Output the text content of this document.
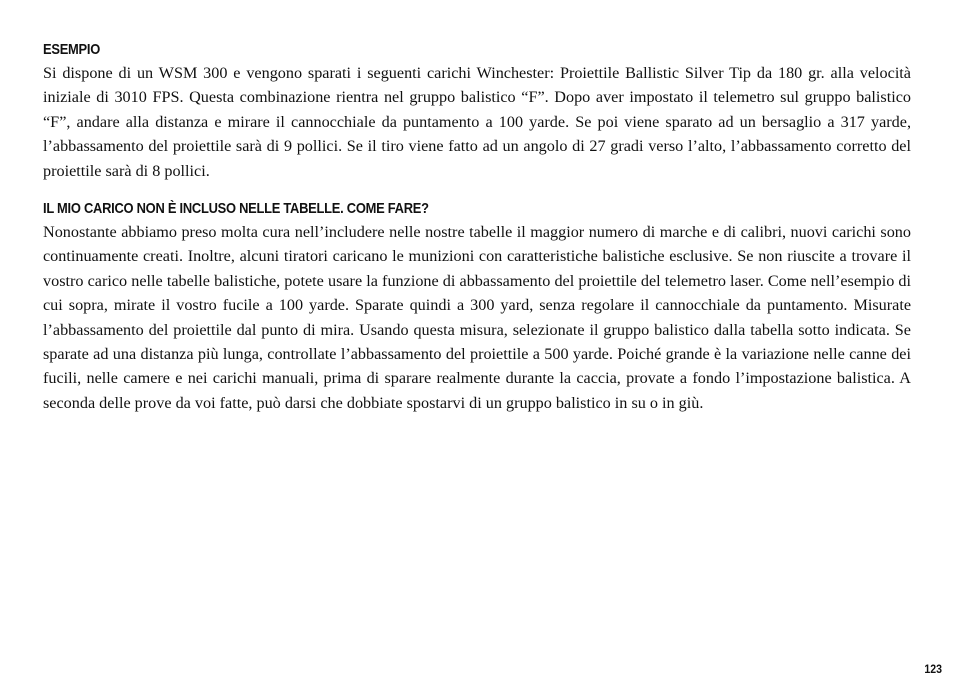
ESEMPIO

Si dispone di un WSM 300 e vengono sparati i seguenti carichi Winchester: Proiettile Ballistic Silver Tip da 180 gr. alla velocità iniziale di 3010 FPS. Questa combinazione rientra nel gruppo balistico “F”. Dopo aver impostato il telemetro sul gruppo balistico “F”, andare alla distanza e mirare il cannocchiale da puntamento a 100 yarde. Se poi viene sparato ad un bersaglio a 317 yarde, l’abbassamento del proiettile sarà di 9 pollici. Se il tiro viene fatto ad un angolo di 27 gradi verso l’alto, l’abbassamento corretto del proiettile sarà di 8 pollici.

IL MIO CARICO NON È INCLUSO NELLE TABELLE. COME FARE?

Nonostante abbiamo preso molta cura nell’includere nelle nostre tabelle il maggior numero di marche e di calibri, nuovi carichi sono continuamente creati. Inoltre, alcuni tiratori caricano le munizioni con caratteristiche balistiche esclusive. Se non riuscite a trovare il vostro carico nelle tabelle balistiche, potete usare la funzione di abbassamento del proiettile del telemetro laser. Come nell’esempio di cui sopra, mirate il vostro fucile a 100 yarde. Sparate quindi a 300 yard, senza regolare il cannocchiale da puntamento. Misurate l’abbassamento del proiettile dal punto di mira. Usando questa misura, selezionate il gruppo balistico dalla tabella sotto indicata. Se sparate ad una distanza più lunga, controllate l’abbassamento del proiettile a 500 yarde. Poiché grande è la variazione nelle canne dei fucili, nelle camere e nei carichi manuali, prima di sparare realmente durante la caccia, provate a fondo l’impostazione balistica. A seconda delle prove da voi fatte, può darsi che dobbiate spostarvi di un gruppo balistico in su o in giù.

123
